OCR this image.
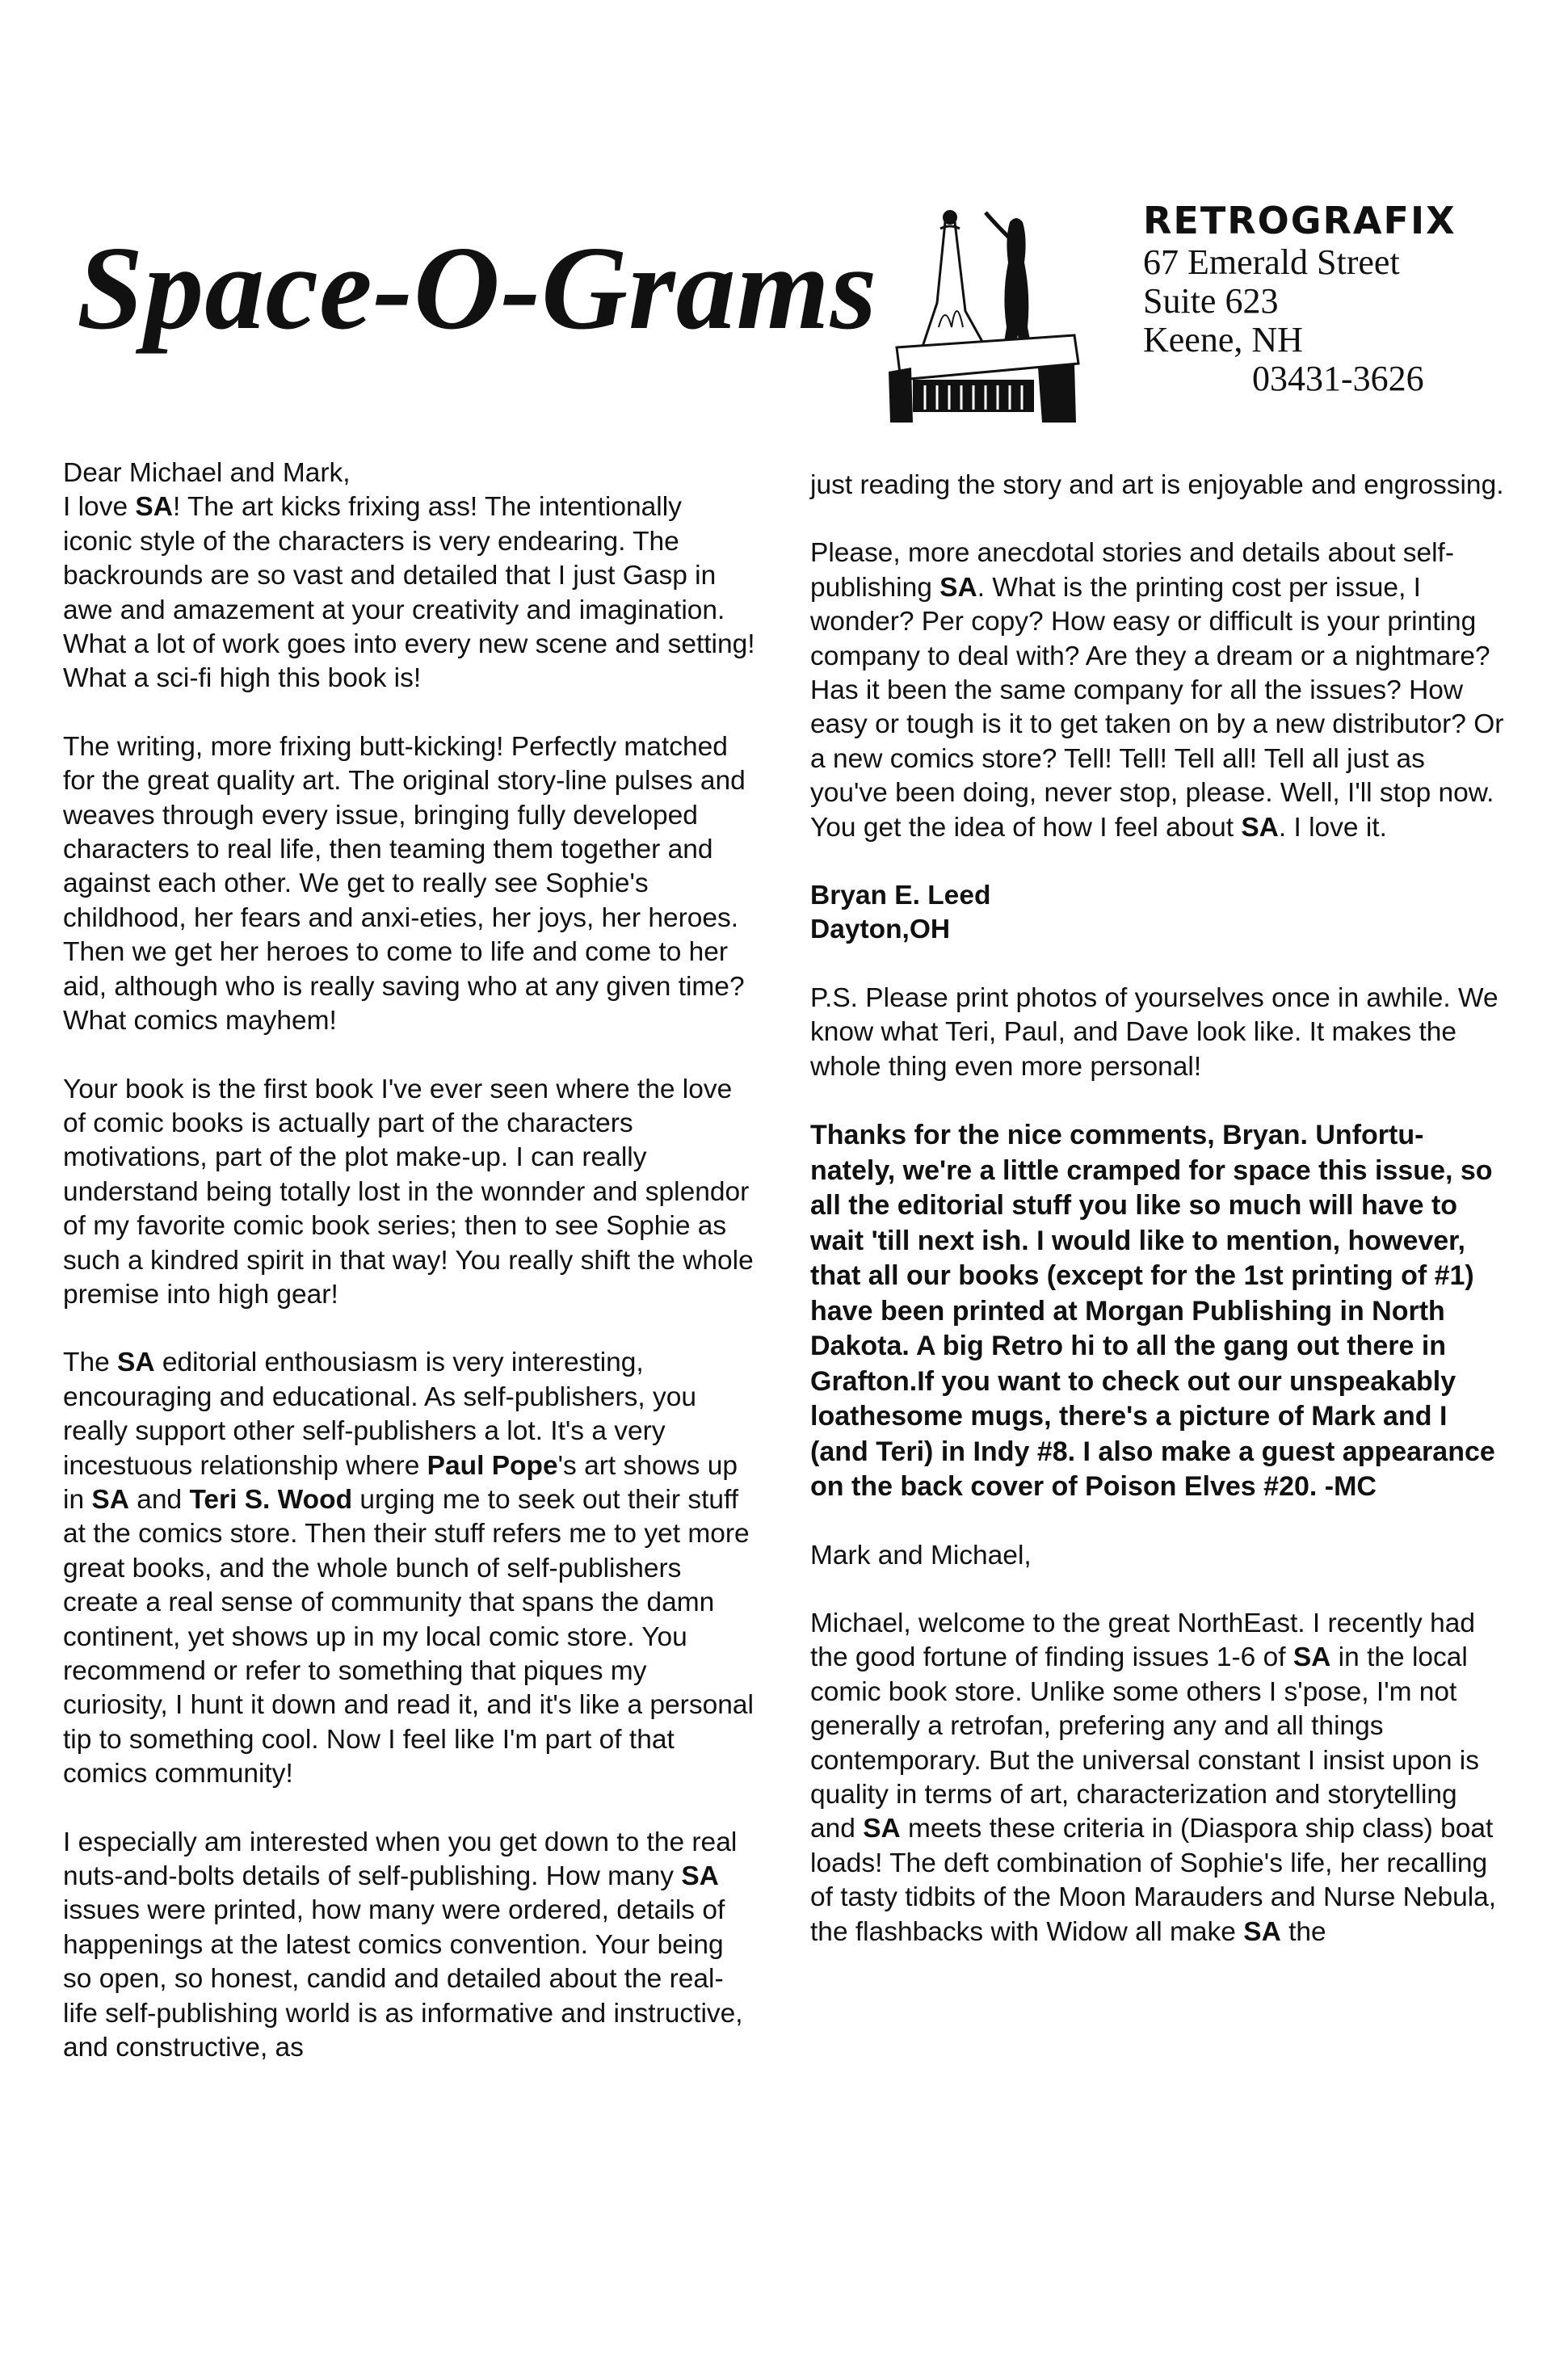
Space-O-Grams
RETROGRAFIX
67 Emerald Street
Suite 623
Keene, NH
03431-3626

Dear Michael and Mark,

I love SA! The art kicks frixing ass! The intentionally iconic style of the characters is very endearing. The backrounds are so vast and detailed that I just Gasp in awe and amazement at your creativity and imagination. What a lot of work goes into every new scene and setting! What a sci-fi high this book is!

The writing, more frixing butt-kicking! Perfectly matched for the great quality art. The original story-line pulses and weaves through every issue, bringing fully developed characters to real life, then teaming them together and against each other. We get to really see Sophie's childhood, her fears and anxi-eties, her joys, her heroes. Then we get her heroes to come to life and come to her aid, although who is really saving who at any given time? What comics mayhem!

Your book is the first book I've ever seen where the love of comic books is actually part of the characters motivations, part of the plot make-up. I can really understand being totally lost in the wonnder and splendor of my favorite comic book series; then to see Sophie as such a kindred spirit in that way! You really shift the whole premise into high gear!

The SA editorial enthousiasm is very interesting, encouraging and educational. As self-publishers, you really support other self-publishers a lot. It's a very incestuous relationship where Paul Pope's art shows up in SA and Teri S. Wood urging me to seek out their stuff at the comics store. Then their stuff refers me to yet more great books, and the whole bunch of self-publishers create a real sense of community that spans the damn continent, yet shows up in my local comic store. You recommend or refer to something that piques my curiosity, I hunt it down and read it, and it's like a personal tip to something cool. Now I feel like I'm part of that comics community!

I especially am interested when you get down to the real nuts-and-bolts details of self-publishing. How many SA issues were printed, how many were ordered, details of happenings at the latest comics convention. Your being so open, so honest, candid and detailed about the real-life self-publishing world is as informative and instructive, and constructive, as

just reading the story and art is enjoyable and engrossing.

Please, more anecdotal stories and details about self-publishing SA. What is the printing cost per issue, I wonder? Per copy? How easy or difficult is your printing company to deal with? Are they a dream or a nightmare? Has it been the same company for all the issues? How easy or tough is it to get taken on by a new distributor? Or a new comics store? Tell! Tell! Tell all! Tell all just as you've been doing, never stop, please. Well, I'll stop now. You get the idea of how I feel about SA. I love it.

Bryan E. Leed

Dayton,OH

P.S. Please print photos of yourselves once in awhile. We know what Teri, Paul, and Dave look like. It makes the whole thing even more personal!

Thanks for the nice comments, Bryan. Unfortu-nately, we're a little cramped for space this issue, so all the editorial stuff you like so much will have to wait 'till next ish. I would like to mention, however, that all our books (except for the 1st printing of #1) have been printed at Morgan Publishing in North Dakota. A big Retro hi to all the gang out there in Grafton.If you want to check out our unspeakably loathesome mugs, there's a picture of Mark and I (and Teri) in Indy #8. I also make a guest appearance on the back cover of Poison Elves #20. -MC

Mark and Michael,

Michael, welcome to the great NorthEast. I recently had the good fortune of finding issues 1-6 of SA in the local comic book store. Unlike some others I s'pose, I'm not generally a retrofan, prefering any and all things contemporary. But the universal constant I insist upon is quality in terms of art, characterization and storytelling and SA meets these criteria in (Diaspora ship class) boat loads! The deft combination of Sophie's life, her recalling of tasty tidbits of the Moon Marauders and Nurse Nebula, the flashbacks with Widow all make SA the
